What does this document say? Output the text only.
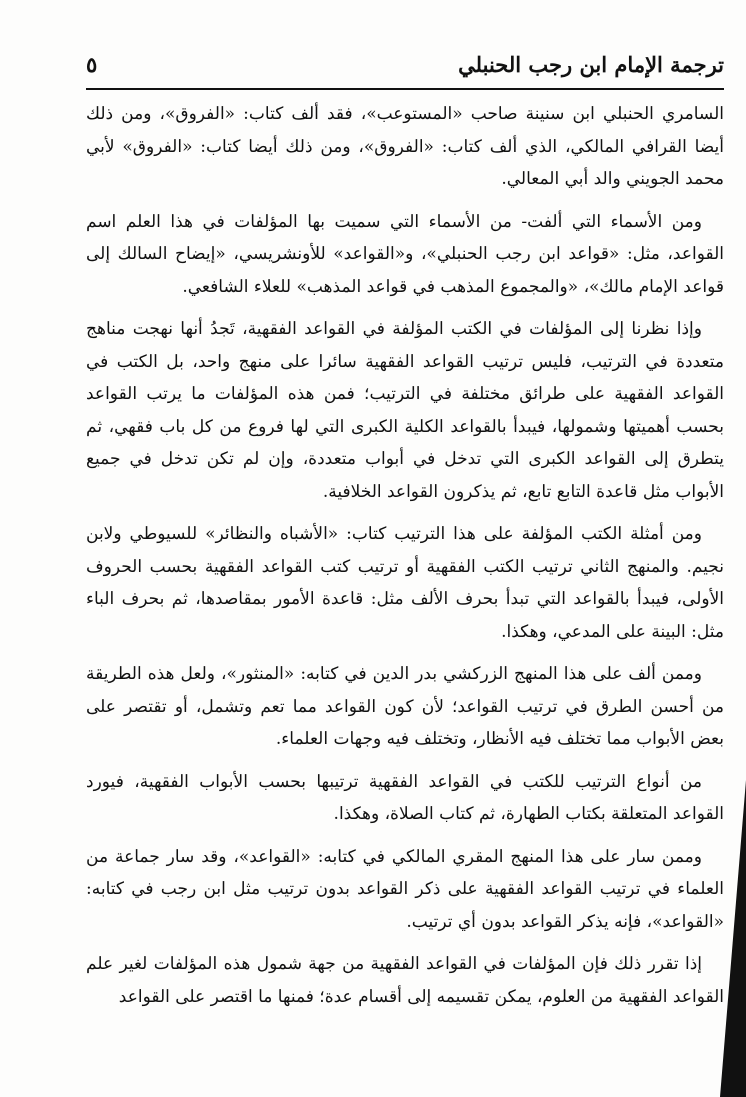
ترجمة الإمام ابن رجب الحنبلي
٥

السامري الحنبلي ابن سنينة صاحب «المستوعب»، فقد ألف كتاب: «الفروق»، ومن ذلك أيضا القرافي المالكي، الذي ألف كتاب: «الفروق»، ومن ذلك أيضا كتاب: «الفروق» لأبي محمد الجويني والد أبي المعالي.

ومن الأسماء التي ألفت- من الأسماء التي سميت بها المؤلفات في هذا العلم اسم القواعد، مثل: «قواعد ابن رجب الحنبلي»، و«القواعد» للأونشريسي، «إيضاح السالك إلى قواعد الإمام مالك»، «والمجموع المذهب في قواعد المذهب» للعلاء الشافعي.

وإذا نظرنا إلى المؤلفات في الكتب المؤلفة في القواعد الفقهية، تَجدُ أنها نهجت مناهج متعددة في الترتيب، فليس ترتيب القواعد الفقهية سائرا على منهج واحد، بل الكتب في القواعد الفقهية على طرائق مختلفة في الترتيب؛ فمن هذه المؤلفات ما يرتب القواعد بحسب أهميتها وشمولها، فيبدأ بالقواعد الكلية الكبرى التي لها فروع من كل باب فقهي، ثم يتطرق إلى القواعد الكبرى التي تدخل في أبواب متعددة، وإن لم تكن تدخل في جميع الأبواب مثل قاعدة التابع تابع، ثم يذكرون القواعد الخلافية.

ومن أمثلة الكتب المؤلفة على هذا الترتيب كتاب: «الأشباه والنظائر» للسيوطي ولابن نجيم. والمنهج الثاني ترتيب الكتب الفقهية أو ترتيب كتب القواعد الفقهية بحسب الحروف الأولى، فيبدأ بالقواعد التي تبدأ بحرف الألف مثل: قاعدة الأمور بمقاصدها، ثم بحرف الباء مثل: البينة على المدعي، وهكذا.

وممن ألف على هذا المنهج الزركشي بدر الدين في كتابه: «المنثور»، ولعل هذه الطريقة من أحسن الطرق في ترتيب القواعد؛ لأن كون القواعد مما تعم وتشمل، أو تقتصر على بعض الأبواب مما تختلف فيه الأنظار، وتختلف فيه وجهات العلماء.

من أنواع الترتيب للكتب في القواعد الفقهية ترتيبها بحسب الأبواب الفقهية، فيورد القواعد المتعلقة بكتاب الطهارة، ثم كتاب الصلاة، وهكذا.

وممن سار على هذا المنهج المقري المالكي في كتابه: «القواعد»، وقد سار جماعة من العلماء في ترتيب القواعد الفقهية على ذكر القواعد بدون ترتيب مثل ابن رجب في كتابه: «القواعد»، فإنه يذكر القواعد بدون أي ترتيب.

إذا تقرر ذلك فإن المؤلفات في القواعد الفقهية من جهة شمول هذه المؤلفات لغير علم القواعد الفقهية من العلوم، يمكن تقسيمه إلى أقسام عدة؛ فمنها ما اقتصر على القواعد
